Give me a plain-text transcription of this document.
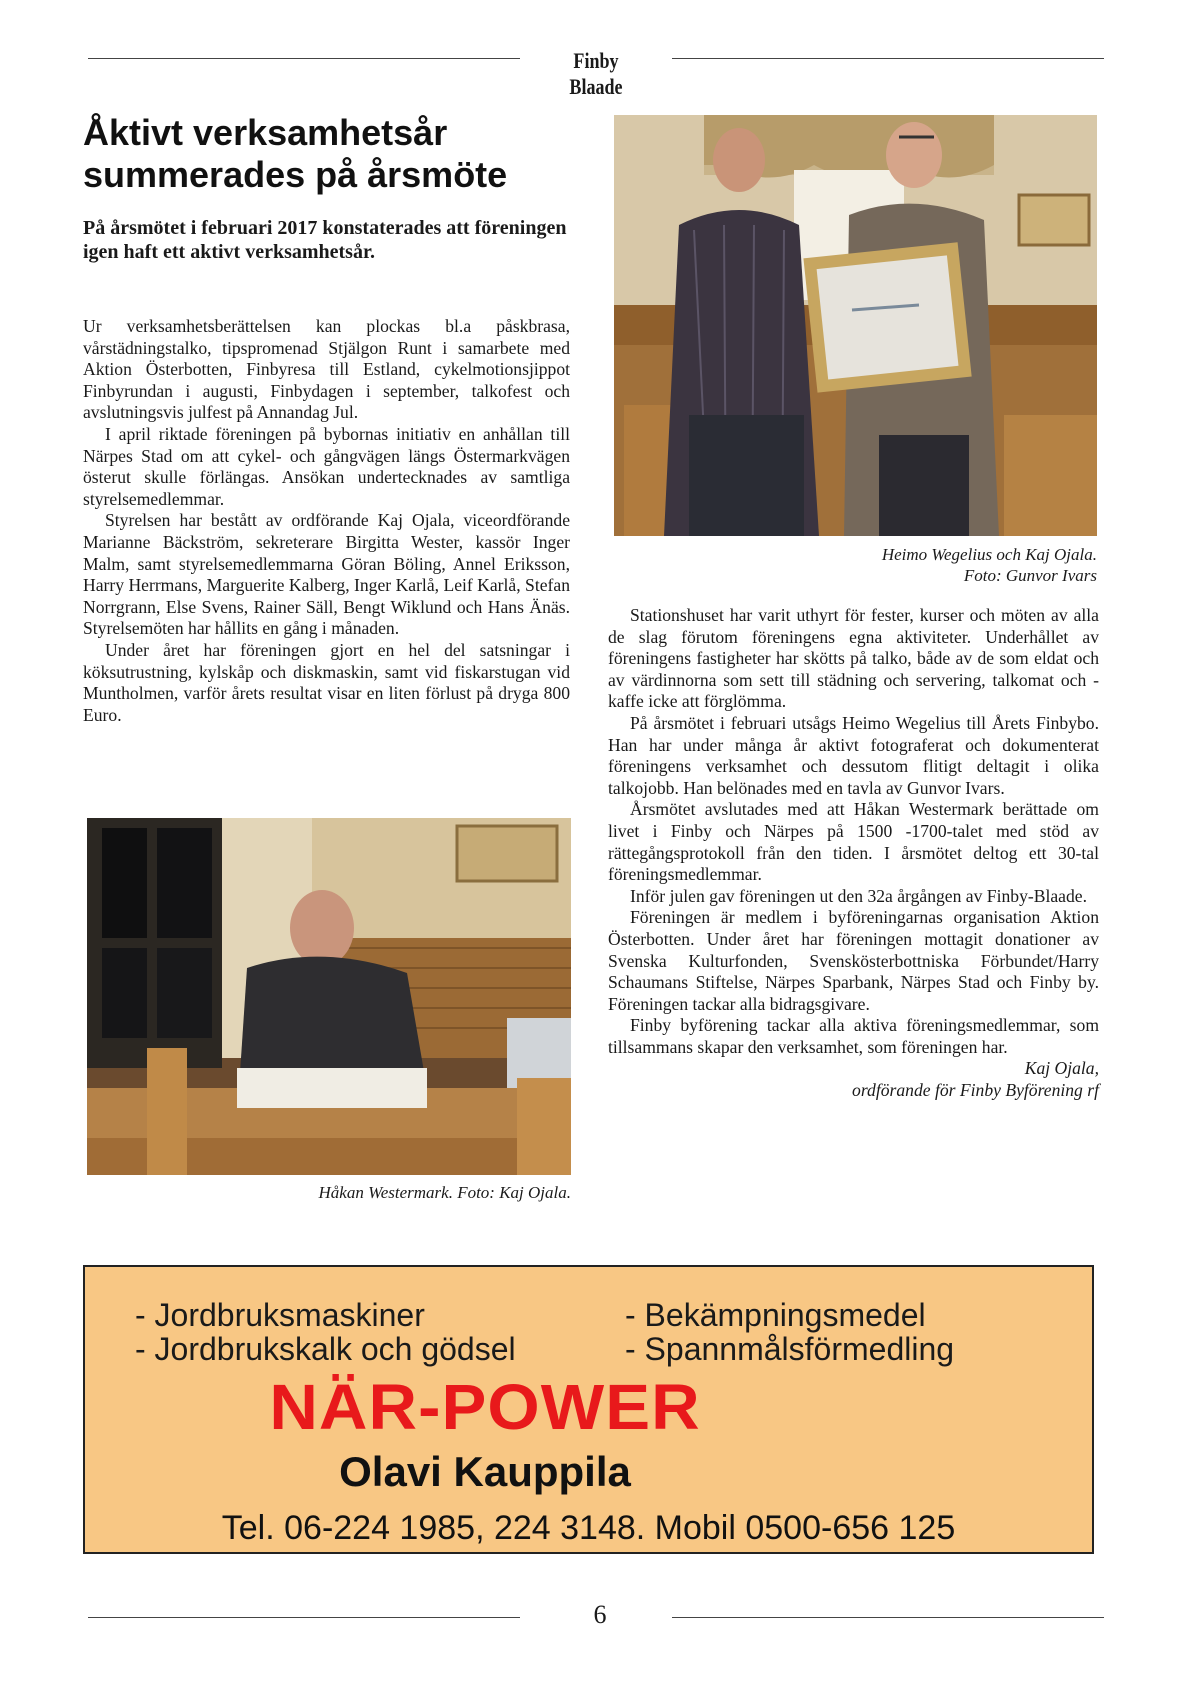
Finby Blaade
Åktivt verksamhetsår
summerades på årsmöte

På årsmötet i februari 2017 konstaterades att föreningen igen haft ett aktivt verksamhetsår.

Ur verksamhetsberättelsen kan plockas bl.a påskbrasa, vårstädningstalko, tipspromenad Stjälgon Runt i samarbete med Aktion Österbotten, Finbyresa till Estland, cykelmotionsjippot Finbyrundan i augusti, Finbydagen i september, talkofest och avslutningsvis julfest på Annandag Jul.

I april riktade föreningen på bybornas initiativ en anhållan till Närpes Stad om att cykel- och gångvägen längs Östermarkvägen österut skulle förlängas. Ansökan undertecknades av samtliga styrelsemedlemmar.

Styrelsen har bestått av ordförande Kaj Ojala, viceordförande Marianne Bäckström, sekreterare Birgitta Wester, kassör Inger Malm, samt styrelsemedlemmarna Göran Böling, Annel Eriksson, Harry Herrmans, Marguerite Kalberg, Inger Karlå, Leif Karlå, Stefan Norrgrann, Else Svens, Rainer Säll, Bengt Wiklund och Hans Änäs. Styrelsemöten har hållits en gång i månaden.

Under året har föreningen gjort en hel del satsningar i köksutrustning, kylskåp och diskmaskin, samt vid fiskarstugan vid Muntholmen, varför årets resultat visar en liten förlust på dryga 800 Euro.

Heimo Wegelius och Kaj Ojala.
Foto: Gunvor Ivars
Håkan Westermark. Foto: Kaj Ojala.

Stationshuset har varit uthyrt för fester, kurser och möten av alla de slag förutom föreningens egna aktiviteter. Underhållet av föreningens fastigheter har skötts på talko, både av de som eldat och av värdinnorna som sett till städning och servering, talkomat och -kaffe icke att förglömma.

På årsmötet i februari utsågs Heimo Wegelius till Årets Finbybo. Han har under många år aktivt fotograferat och dokumenterat föreningens verksamhet och dessutom flitigt deltagit i olika talkojobb. Han belönades med en tavla av Gunvor Ivars.

Årsmötet avslutades med att Håkan Westermark berättade om livet i Finby och Närpes på 1500 -1700-talet med stöd av rättegångsprotokoll från den tiden. I årsmötet deltog ett 30-tal föreningsmedlemmar.

Inför julen gav föreningen ut den 32a årgången av Finby-Blaade.

Föreningen är medlem i byföreningarnas organisation Aktion Österbotten. Under året har föreningen mottagit donationer av Svenska Kulturfonden, Svenskösterbottniska Förbundet/Harry Schaumans Stiftelse, Närpes Sparbank, Närpes Stad och Finby by. Föreningen tackar alla bidragsgivare.

Finby byförening tackar alla aktiva föreningsmedlemmar, som tillsammans skapar den verksamhet, som föreningen har.

Kaj Ojala,

ordförande för Finby Byförening rf

- Jordbruksmaskiner
- Jordbrukskalk och gödsel
- Bekämpningsmedel
- Spannmålsförmedling
NÄR-POWER
Olavi Kauppila
Tel. 06-224 1985, 224 3148. Mobil 0500-656 125
6
